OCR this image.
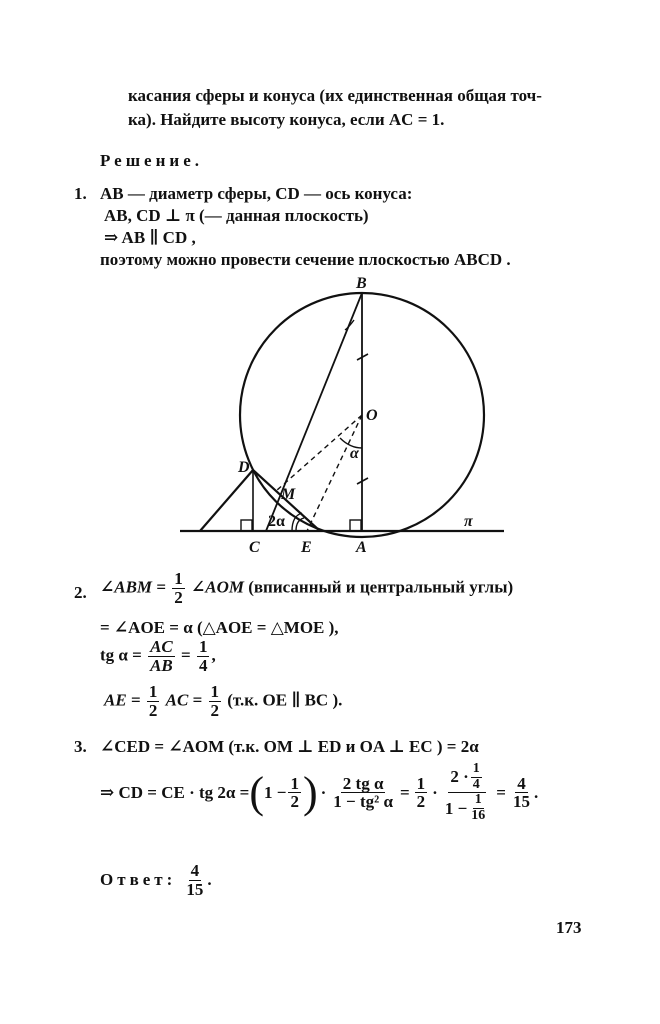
касания сферы и конуса (их единственная общая точ-
ка). Найдите высоту конуса, если AC = 1.
Решение.
1. AB — диаметр сферы, CD — ось конуса:
AB, CD ⊥ π (— данная плоскость)
⇒ AB ∥ CD ,
поэтому можно провести сечение плоскостью ABCD .
B
O
α
D
M
2α
C	E	A
π
2. ∠ABM = $\frac{1}{2}$ ∠AOM (вписанный и центральный углы)
= ∠AOE = α (△AOE = △MOE ),
tg $\alpha = \frac{AC}{AB} = \frac{1}{4}$ ,
AE = $\frac{1}{2}$ AC = $\frac{1}{2} (т.к$. OE ∥ BC ).
3. ∠CED = ∠AOM (т.к. OM ⊥ ED и OA ⊥ EC ) = 2α
⇒ CD = CE · tg 2α = ( $1 - \frac{1}{2}$ ) · $\frac{\text{2 tg α}}{\text{1 − tg² α}} = \frac{1}{2} \cdot \frac{2 \cdot \frac{1}{4}}{1 - \frac{1}{16}} = \frac{4}{15}$ .
Ответ: $\frac{4}{15}$ .
173
